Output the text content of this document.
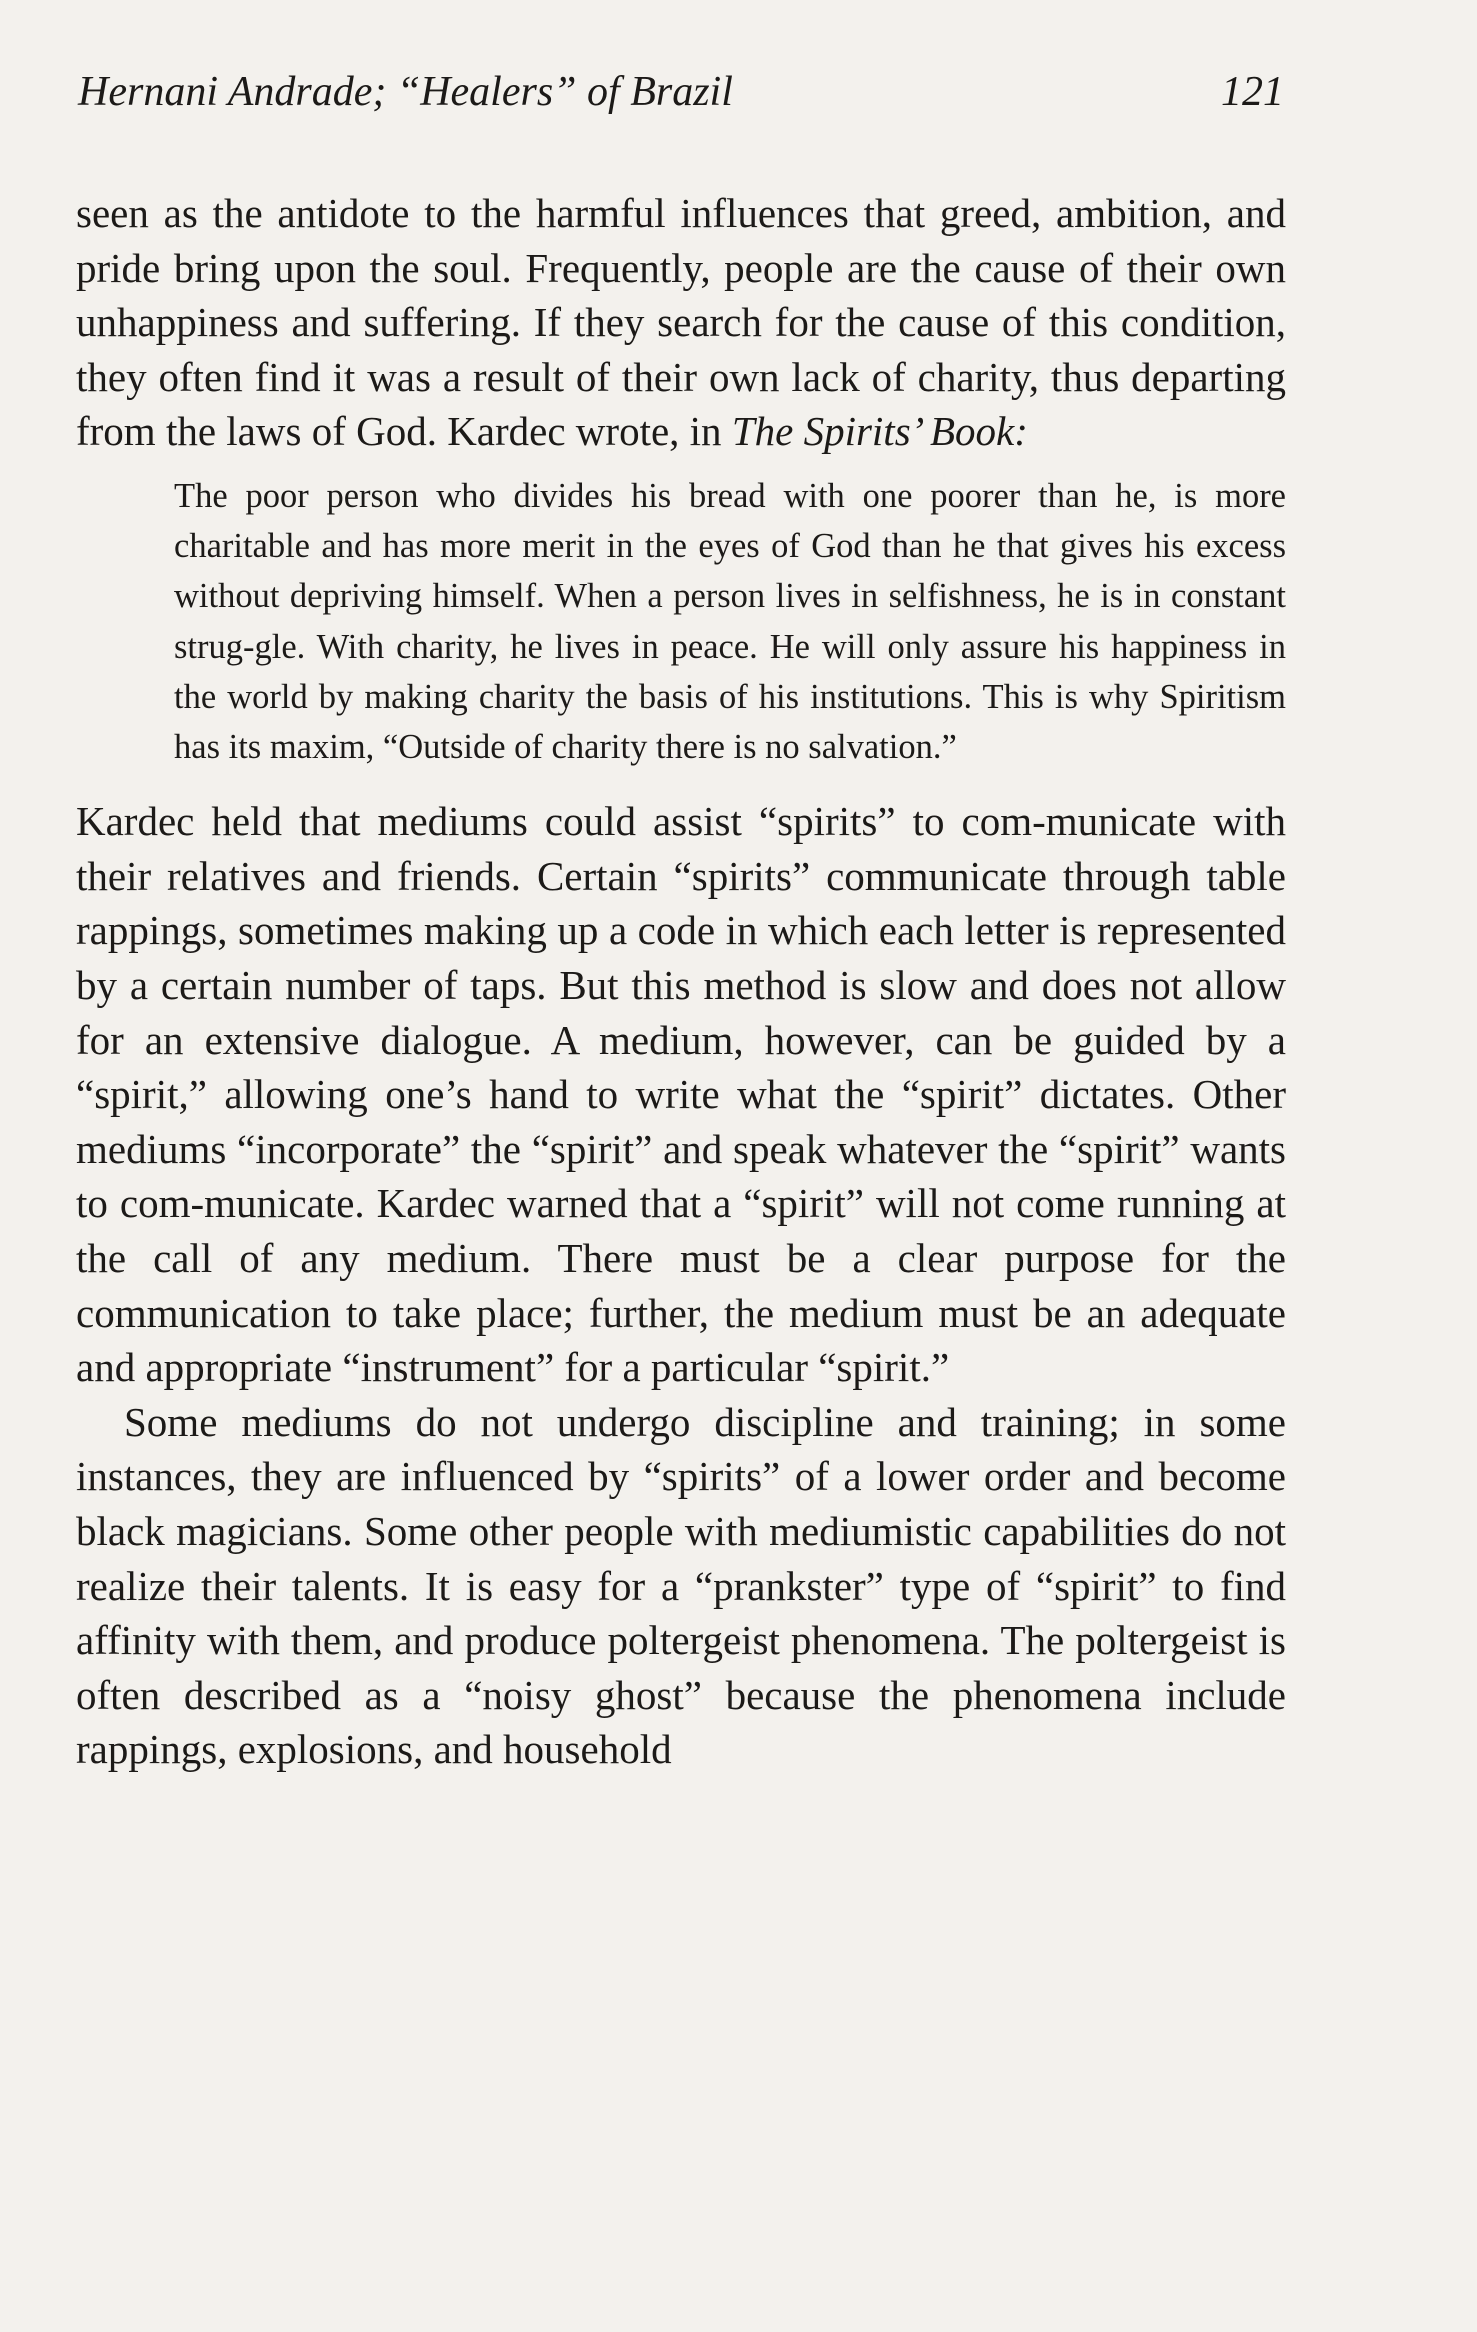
Hernani Andrade; “Healers” of Brazil	121

seen as the antidote to the harmful influences that greed, ambition, and pride bring upon the soul. Frequently, people are the cause of their own unhappiness and suffering. If they search for the cause of this condition, they often find it was a result of their own lack of charity, thus departing from the laws of God. Kardec wrote, in The Spirits’ Book:

The poor person who divides his bread with one poorer than he, is more charitable and has more merit in the eyes of God than he that gives his excess without depriving himself. When a person lives in selfishness, he is in constant strug-gle. With charity, he lives in peace. He will only assure his happiness in the world by making charity the basis of his institutions. This is why Spiritism has its maxim, “Outside of charity there is no salvation.”

Kardec held that mediums could assist “spirits” to com-municate with their relatives and friends. Certain “spirits” communicate through table rappings, sometimes making up a code in which each letter is represented by a certain number of taps. But this method is slow and does not allow for an extensive dialogue. A medium, however, can be guided by a “spirit,” allowing one’s hand to write what the “spirit” dictates. Other mediums “incorporate” the “spirit” and speak whatever the “spirit” wants to com-municate. Kardec warned that a “spirit” will not come running at the call of any medium. There must be a clear purpose for the communication to take place; further, the medium must be an adequate and appropriate “instrument” for a particular “spirit.”

Some mediums do not undergo discipline and training; in some instances, they are influenced by “spirits” of a lower order and become black magicians. Some other people with mediumistic capabilities do not realize their talents. It is easy for a “prankster” type of “spirit” to find affinity with them, and produce poltergeist phenomena. The poltergeist is often described as a “noisy ghost” because the phenomena include rappings, explosions, and household
